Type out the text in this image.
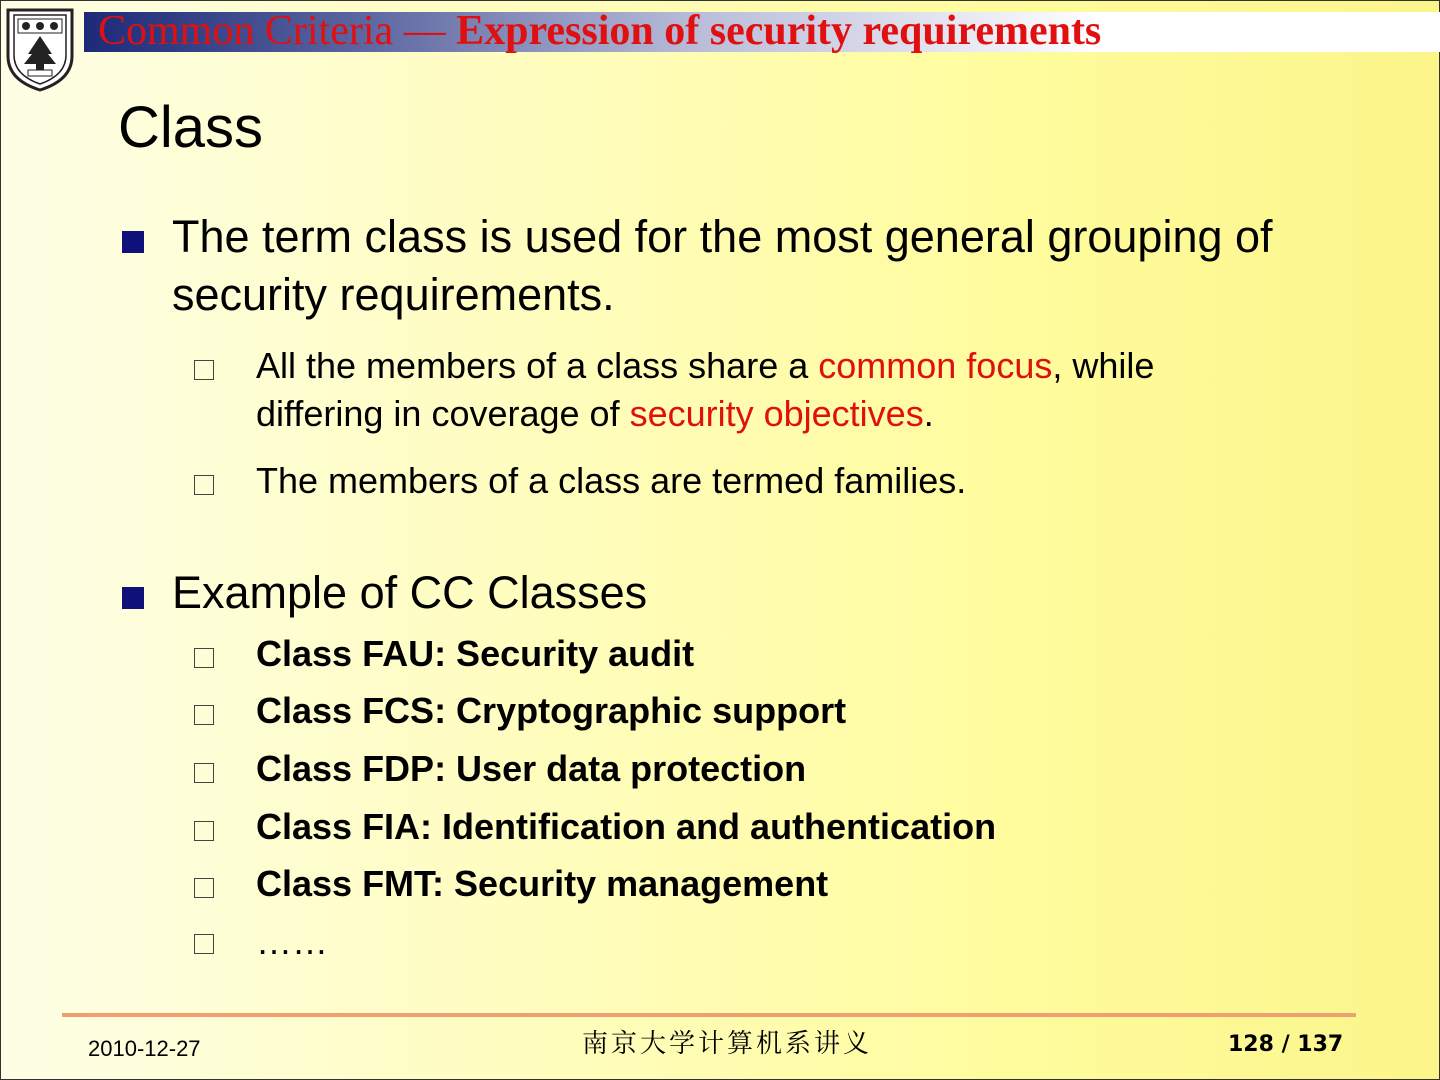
Common Criteria — Expression of security requirements
Class
The term class is used for the most general grouping of
security requirements.
All the members of a class share a common focus, while
differing in coverage of security objectives.
The members of a class are termed families.
Example of CC Classes
Class FAU: Security audit
Class FCS: Cryptographic support
Class FDP: User data protection
Class FIA: Identification and authentication
Class FMT: Security management
……
2010-12-27	南京大学计算机系讲义	128 / 137
